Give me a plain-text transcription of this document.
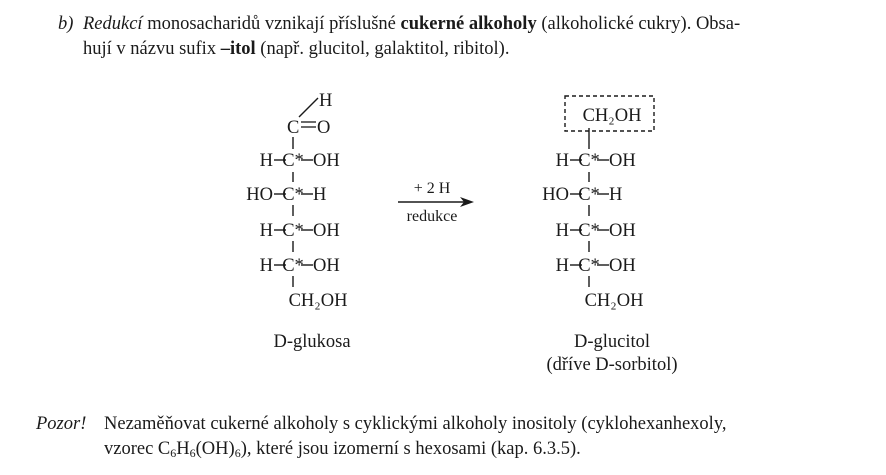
b) Redukcí monosacharidů vznikají příslušné cukerné alkoholy (alkoholické cukry). Obsa-
hují v názvu sufix –itol (např. glucitol, galaktitol, ribitol).
H
C O
H C* OH
HO C* H
H C* OH
H C* OH
CH₂OH
D-glukosa
+ 2 H
redukce
CH₂OH
H C* OH
HO C* H
H C* OH
H C* OH
CH₂OH
D-glucitol
(dříve D-sorbitol)
Pozor! Nezaměňovat cukerné alkoholy s cyklickými alkoholy inositoly (cyklohexanhexoly,
vzorec $C_6H_6(OH)_6$), které jsou izomerní s hexosami (kap. 6.3.5).
